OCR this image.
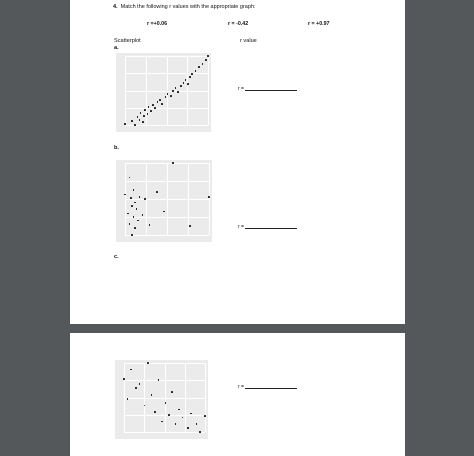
4. Match the following r values with the appropriate graph:
r =+0.06	r = -0.42	r = +0.97
Scatterplot	r value
a.
r =
b.
r =
c.
r =
